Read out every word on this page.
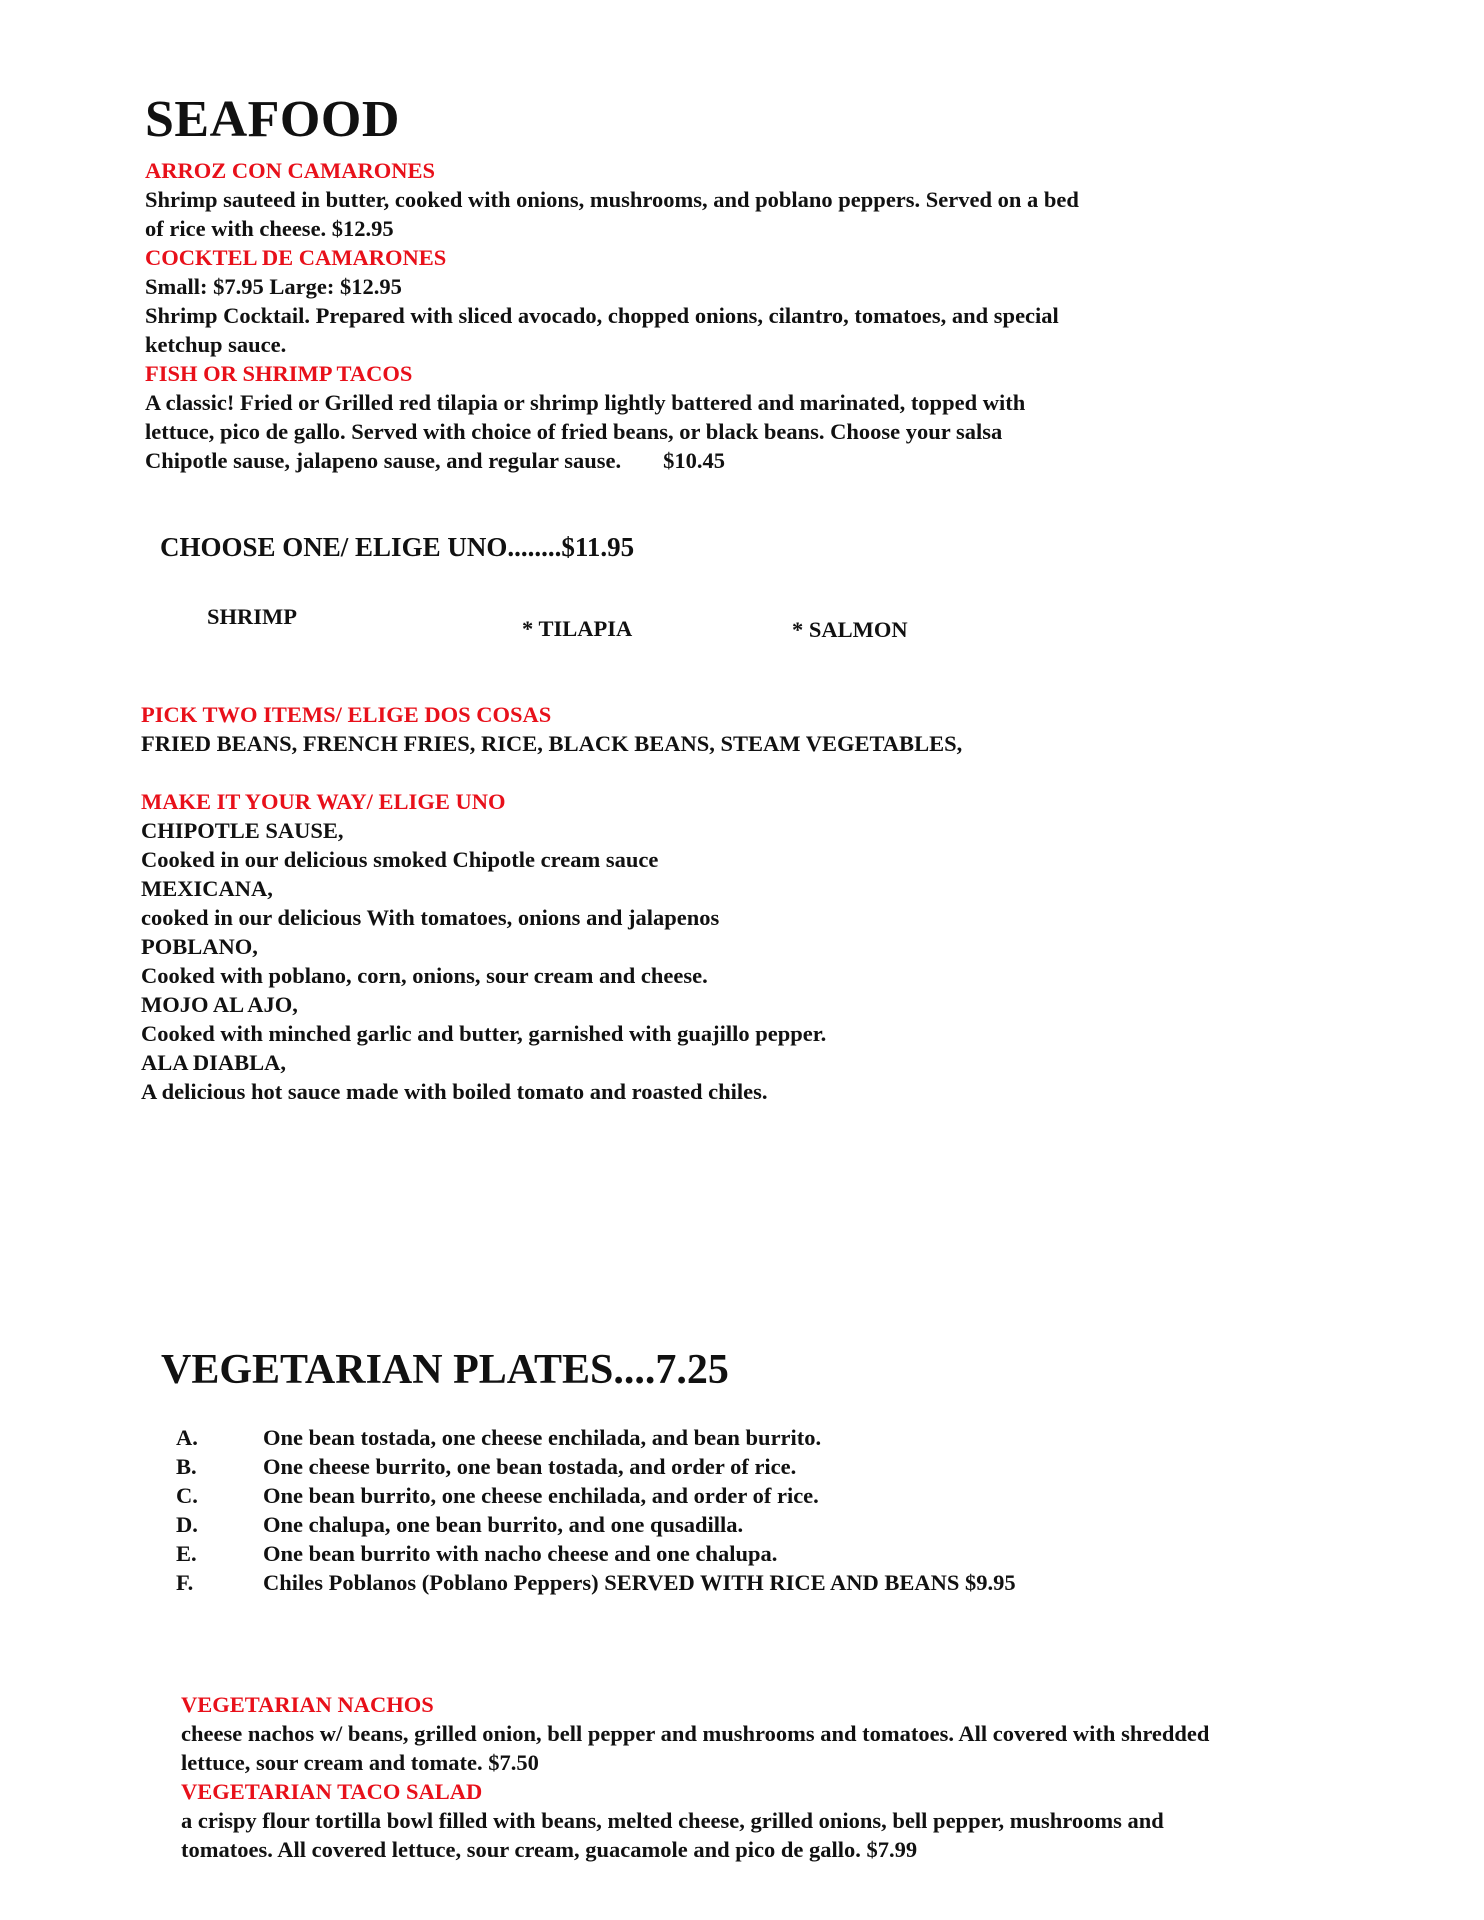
SEAFOOD
ARROZ CON CAMARONES
Shrimp sauteed in butter, cooked with onions, mushrooms, and poblano peppers. Served on a bed of rice with cheese. $12.95
COCKTEL DE CAMARONES
Small: $7.95 Large: $12.95
Shrimp Cocktail. Prepared with sliced avocado, chopped onions, cilantro, tomatoes, and special ketchup sauce.
FISH OR SHRIMP TACOS
A classic! Fried or Grilled red tilapia or shrimp lightly battered and marinated, topped with lettuce, pico de gallo. Served with choice of fried beans, or black beans. Choose your salsa Chipotle sause, jalapeno sause, and regular sause. $10.45
CHOOSE ONE/ ELIGE UNO........$11.95
SHRIMP	* TILAPIA	* SALMON
PICK TWO ITEMS/ ELIGE DOS COSAS
FRIED BEANS, FRENCH FRIES, RICE, BLACK BEANS, STEAM VEGETABLES,
MAKE IT YOUR WAY/ ELIGE UNO
CHIPOTLE SAUSE,
Cooked in our delicious smoked Chipotle cream sauce
MEXICANA,
cooked in our delicious With tomatoes, onions and jalapenos
POBLANO,
Cooked with poblano, corn, onions, sour cream and cheese.
MOJO AL AJO,
Cooked with minched garlic and butter, garnished with guajillo pepper.
ALA DIABLA,
A delicious hot sauce made with boiled tomato and roasted chiles.
VEGETARIAN PLATES....7.25
A.	One bean tostada, one cheese enchilada, and bean burrito.
B.	One cheese burrito, one bean tostada, and order of rice.
C.	One bean burrito, one cheese enchilada, and order of rice.
D.	One chalupa, one bean burrito, and one qusadilla.
E.	One bean burrito with nacho cheese and one chalupa.
F.	Chiles Poblanos (Poblano Peppers) SERVED WITH RICE AND BEANS $9.95
VEGETARIAN NACHOS
cheese nachos w/ beans, grilled onion, bell pepper and mushrooms and tomatoes. All covered with shredded lettuce, sour cream and tomate. $7.50
VEGETARIAN TACO SALAD
a crispy flour tortilla bowl filled with beans, melted cheese, grilled onions, bell pepper, mushrooms and tomatoes. All covered lettuce, sour cream, guacamole and pico de gallo. $7.99
